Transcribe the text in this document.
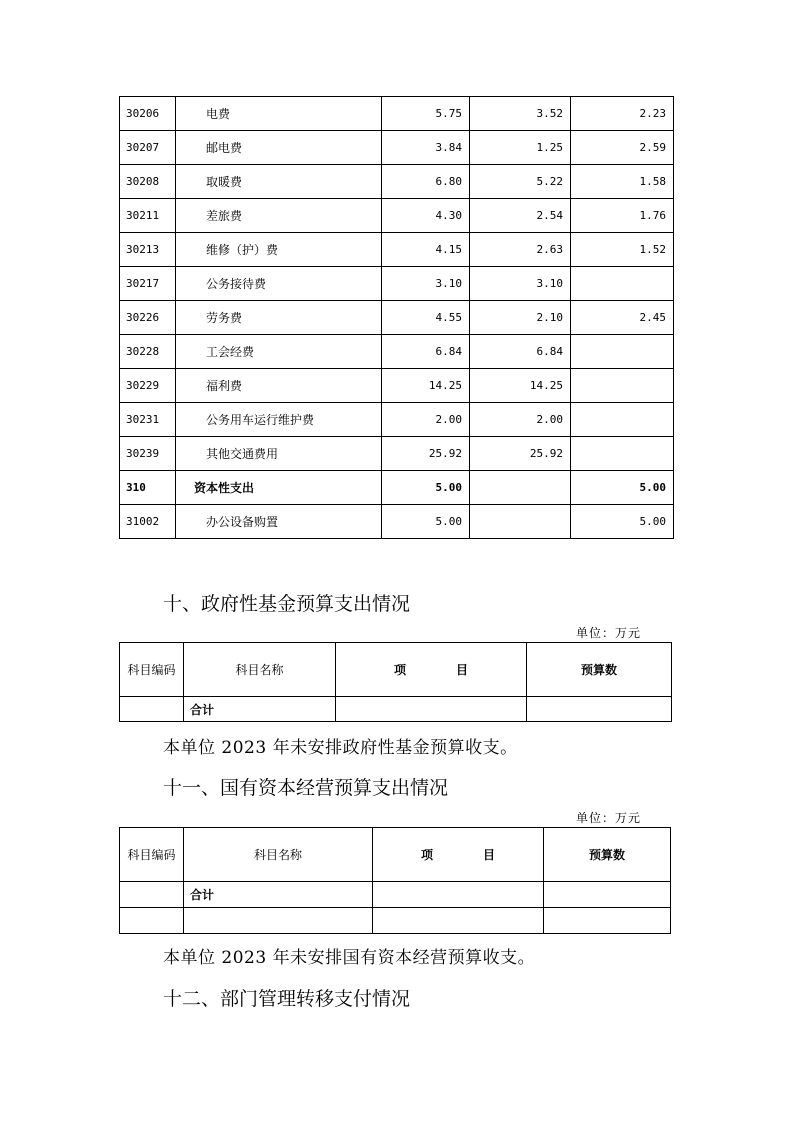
30206	电费	5.75	3.52	2.23
30207	邮电费	3.84	1.25	2.59
30208	取暖费	6.80	5.22	1.58
30211	差旅费	4.30	2.54	1.76
30213	维修（护）费	4.15	2.63	1.52
30217	公务接待费	3.10	3.10	
30226	劳务费	4.55	2.10	2.45
30228	工会经费	6.84	6.84	
30229	福利费	14.25	14.25	
30231	公务用车运行维护费	2.00	2.00	
30239	其他交通费用	25.92	25.92	
310	资本性支出	5.00		5.00
31002	办公设备购置	5.00		5.00
十、政府性基金预算支出情况
单位：万元
科目编码	科目名称	项 目	预算数
	合计		
本单位 2023 年未安排政府性基金预算收支。
十一、国有资本经营预算支出情况
单位：万元
科目编码	科目名称	项 目	预算数
	合计		

本单位 2023 年未安排国有资本经营预算收支。
十二、部门管理转移支付情况
